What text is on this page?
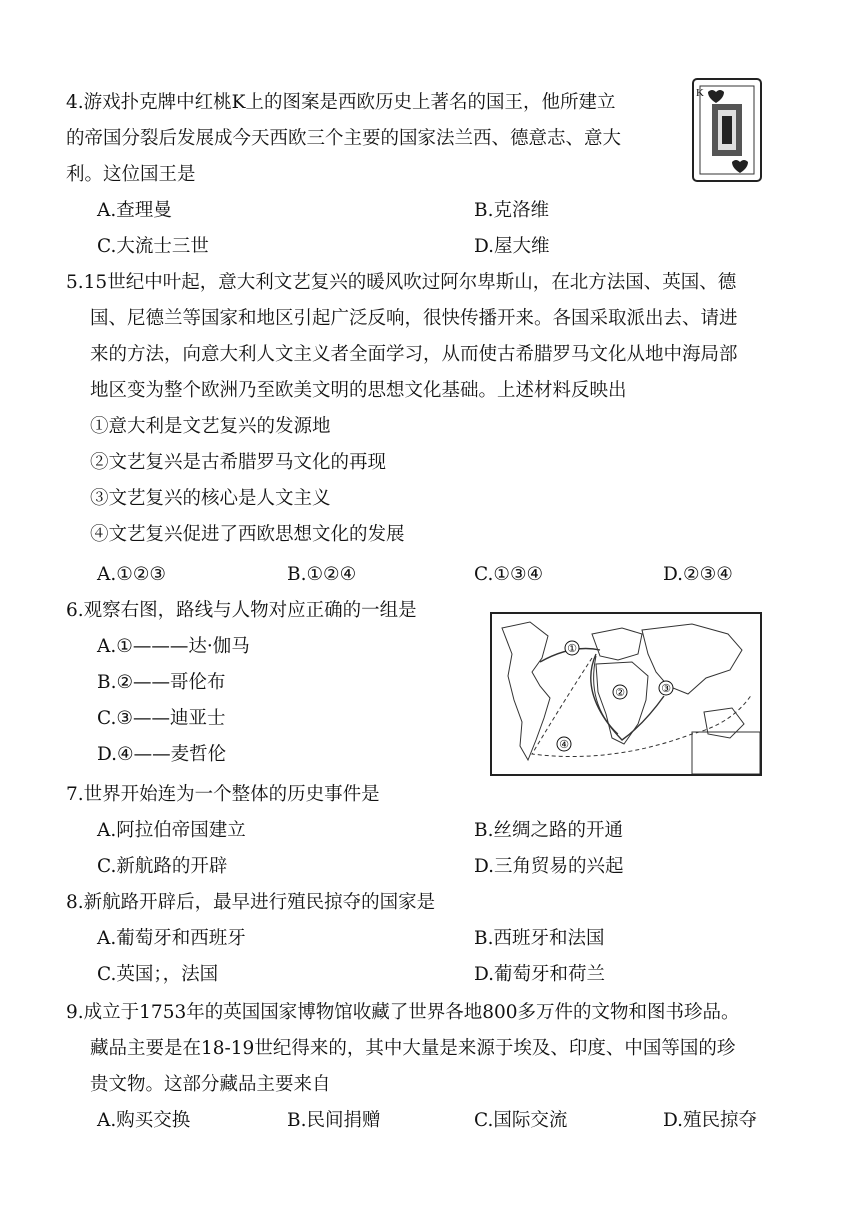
4.游戏扑克牌中红桃K上的图案是西欧历史上著名的国王，他所建立
的帝国分裂后发展成今天西欧三个主要的国家法兰西、德意志、意大
利。这位国王是
K
A.查理曼	B.克洛维
C.大流士三世	D.屋大维
5.15世纪中叶起，意大利文艺复兴的暖风吹过阿尔卑斯山，在北方法国、英国、德
国、尼德兰等国家和地区引起广泛反响，很快传播开来。各国采取派出去、请进
来的方法，向意大利人文主义者全面学习，从而使古希腊罗马文化从地中海局部
地区变为整个欧洲乃至欧美文明的思想文化基础。上述材料反映出
①意大利是文艺复兴的发源地
②文艺复兴是古希腊罗马文化的再现
③文艺复兴的核心是人文主义
④文艺复兴促进了西欧思想文化的发展
A.①②③	B.①②④	C.①③④	D.②③④
6.观察右图，路线与人物对应正确的一组是
A.①———达·伽马
B.②——哥伦布
C.③——迪亚士
D.④——麦哲伦
①
②	③
④
7.世界开始连为一个整体的历史事件是
A.阿拉伯帝国建立	B.丝绸之路的开通
C.新航路的开辟	D.三角贸易的兴起
8.新航路开辟后，最早进行殖民掠夺的国家是
A.葡萄牙和西班牙	B.西班牙和法国
C.英国；，法国	D.葡萄牙和荷兰
9.成立于1753年的英国国家博物馆收藏了世界各地800多万件的文物和图书珍品。
藏品主要是在18-19世纪得来的，其中大量是来源于埃及、印度、中国等国的珍
贵文物。这部分藏品主要来自
A.购买交换	B.民间捐赠	C.国际交流	D.殖民掠夺
